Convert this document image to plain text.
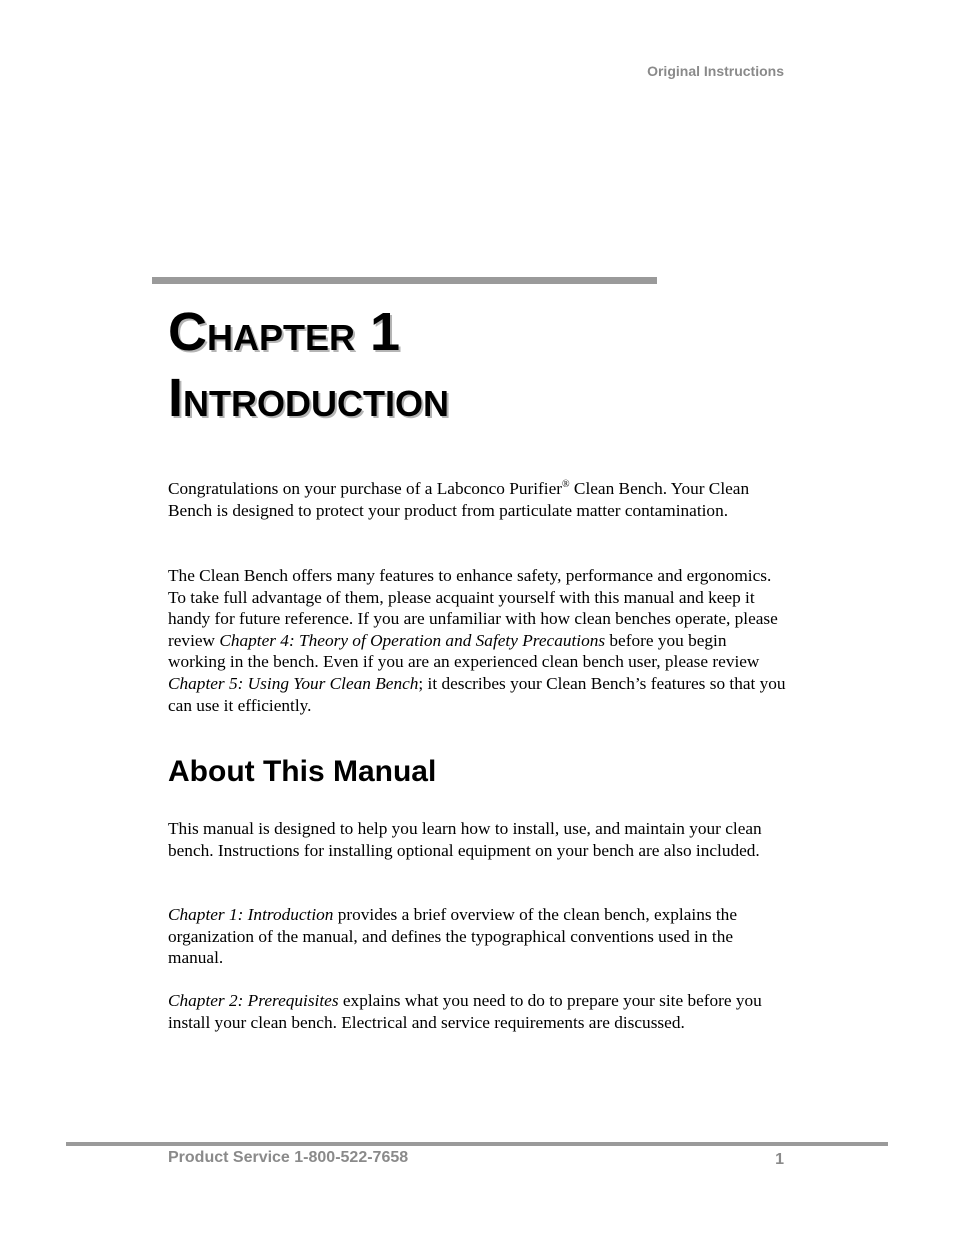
Original Instructions
CHAPTER 1
INTRODUCTION

Congratulations on your purchase of a Labconco Purifier® Clean Bench. Your Clean Bench is designed to protect your product from particulate matter contamination.

The Clean Bench offers many features to enhance safety, performance and ergonomics. To take full advantage of them, please acquaint yourself with this manual and keep it handy for future reference. If you are unfamiliar with how clean benches operate, please review Chapter 4: Theory of Operation and Safety Precautions before you begin working in the bench. Even if you are an experienced clean bench user, please review Chapter 5: Using Your Clean Bench; it describes your Clean Bench’s features so that you can use it efficiently.

About This Manual

This manual is designed to help you learn how to install, use, and maintain your clean bench. Instructions for installing optional equipment on your bench are also included.

Chapter 1: Introduction provides a brief overview of the clean bench, explains the organization of the manual, and defines the typographical conventions used in the manual.

Chapter 2: Prerequisites explains what you need to do to prepare your site before you install your clean bench. Electrical and service requirements are discussed.

Product Service 1-800-522-7658	1
